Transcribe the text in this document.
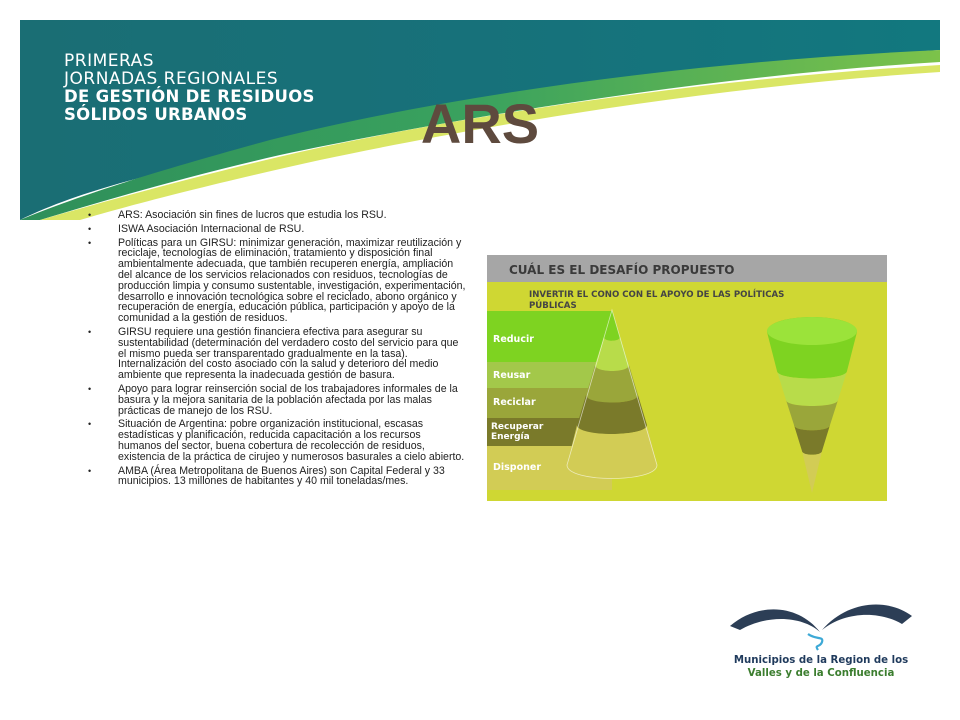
PRIMERAS
JORNADAS REGIONALES
DE GESTIÓN DE RESIDUOS
SÓLIDOS URBANOS	ARS
• ARS: Asociación sin fines de lucros que estudia los RSU.
• ISWA Asociación Internacional de RSU.
• Políticas para un GIRSU: minimizar generación, maximizar reutilización y reciclaje, tecnologías de eliminación, tratamiento y disposición final ambientalmente adecuada, que también recuperen energía, ampliación del alcance de los servicios relacionados con residuos, tecnologías de producción limpia y consumo sustentable, investigación, experimentación, desarrollo e innovación tecnológica sobre el reciclado, abono orgánico y recuperación de energía, educación pública, participación y apoyo de la comunidad a la gestión de residuos.
• GIRSU requiere una gestión financiera efectiva para asegurar su sustentabilidad (determinación del verdadero costo del servicio para que el mismo pueda ser transparentado gradualmente en la tasa). Internalización del costo asociado con la salud y deterioro del medio ambiente que representa la inadecuada gestión de basura.
• Apoyo para lograr reinserción social de los trabajadores informales de la basura y la mejora sanitaria de la población afectada por las malas prácticas de manejo de los RSU.
• Situación de Argentina: pobre organización institucional, escasas estadísticas y planificación, reducida capacitación a los recursos humanos del sector, buena cobertura de recolección de residuos, existencia de la práctica de cirujeo y numerosos basurales a cielo abierto.
• AMBA (Área Metropolitana de Buenos Aires) son Capital Federal y 33 municipios. 13 millones de habitantes y 40 mil toneladas/mes.
CUÁL ES EL DESAFÍO PROPUESTO
INVERTIR EL CONO CON EL APOYO DE LAS POLÍTICAS
PÚBLICAS
Reducir
Reusar
Reciclar
Recuperar
Energía
Disponer
Municipios de la Region de los
Valles y de la Confluencia
